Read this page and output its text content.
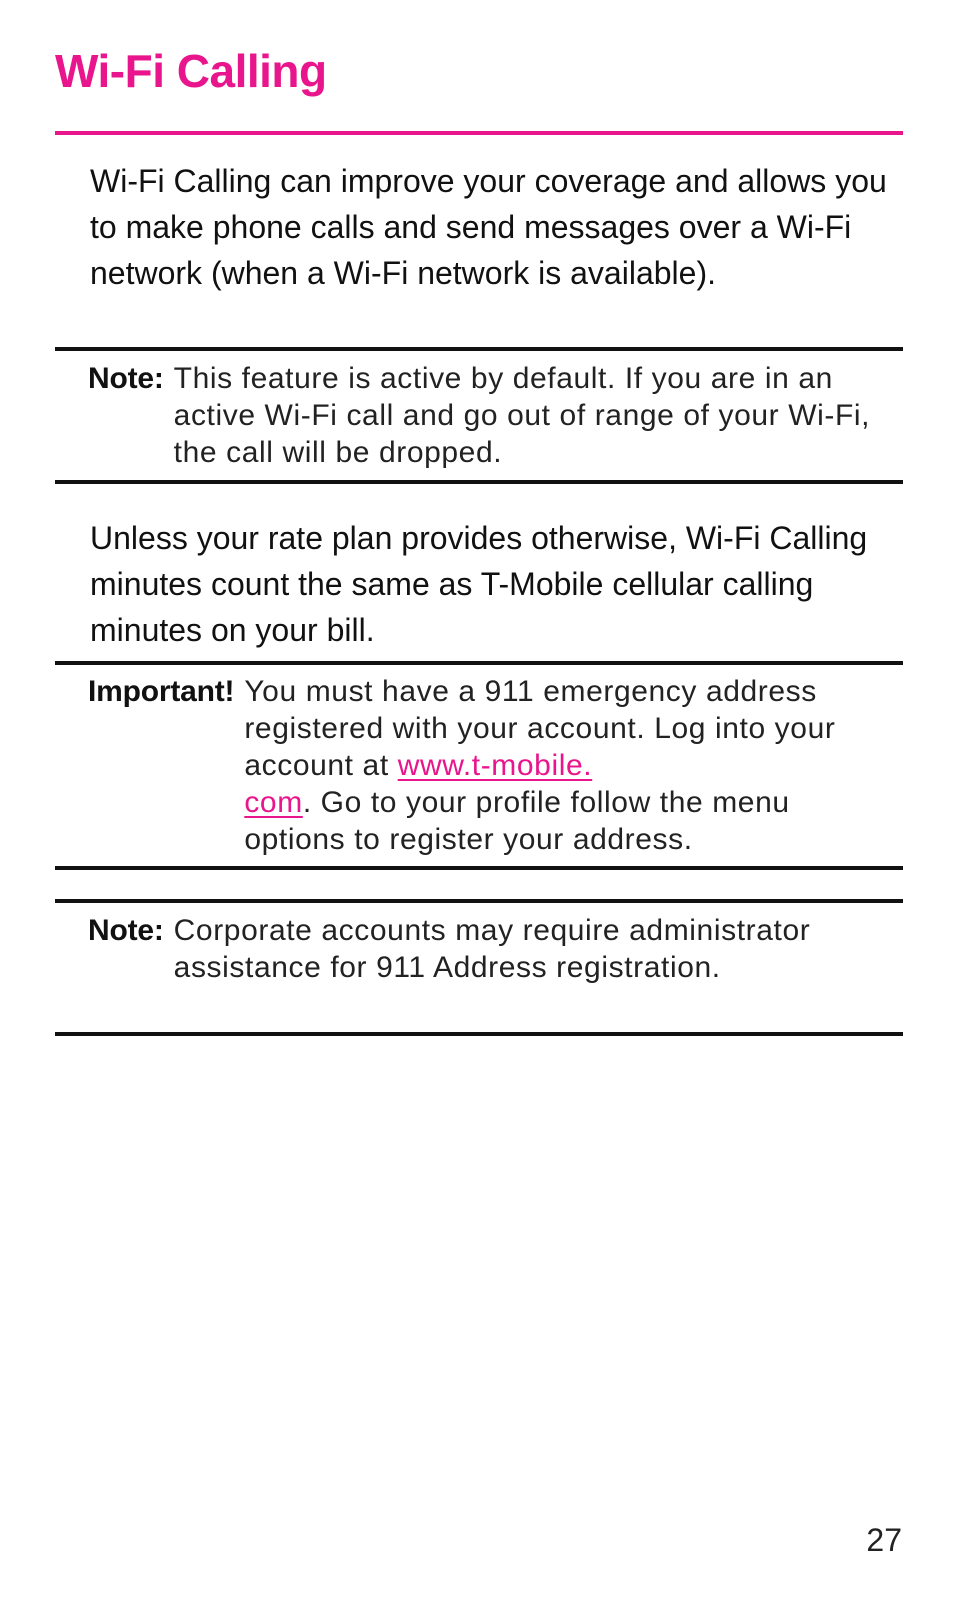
Wi-Fi Calling

Wi-Fi Calling can improve your coverage and allows you to make phone calls and send messages over a Wi-Fi network (when a Wi-Fi network is available).

Note: This feature is active by default. If you are in an active Wi-Fi call and go out of range of your Wi-Fi, the call will be dropped.

Unless your rate plan provides otherwise, Wi-Fi Calling minutes count the same as T-Mobile cellular calling minutes on your bill.

Important! You must have a 911 emergency address registered with your account. Log into your account at www.t-mobile.
com. Go to your profile follow the menu options to register your address.
Note: Corporate accounts may require administrator assistance for 911 Address registration.
27
